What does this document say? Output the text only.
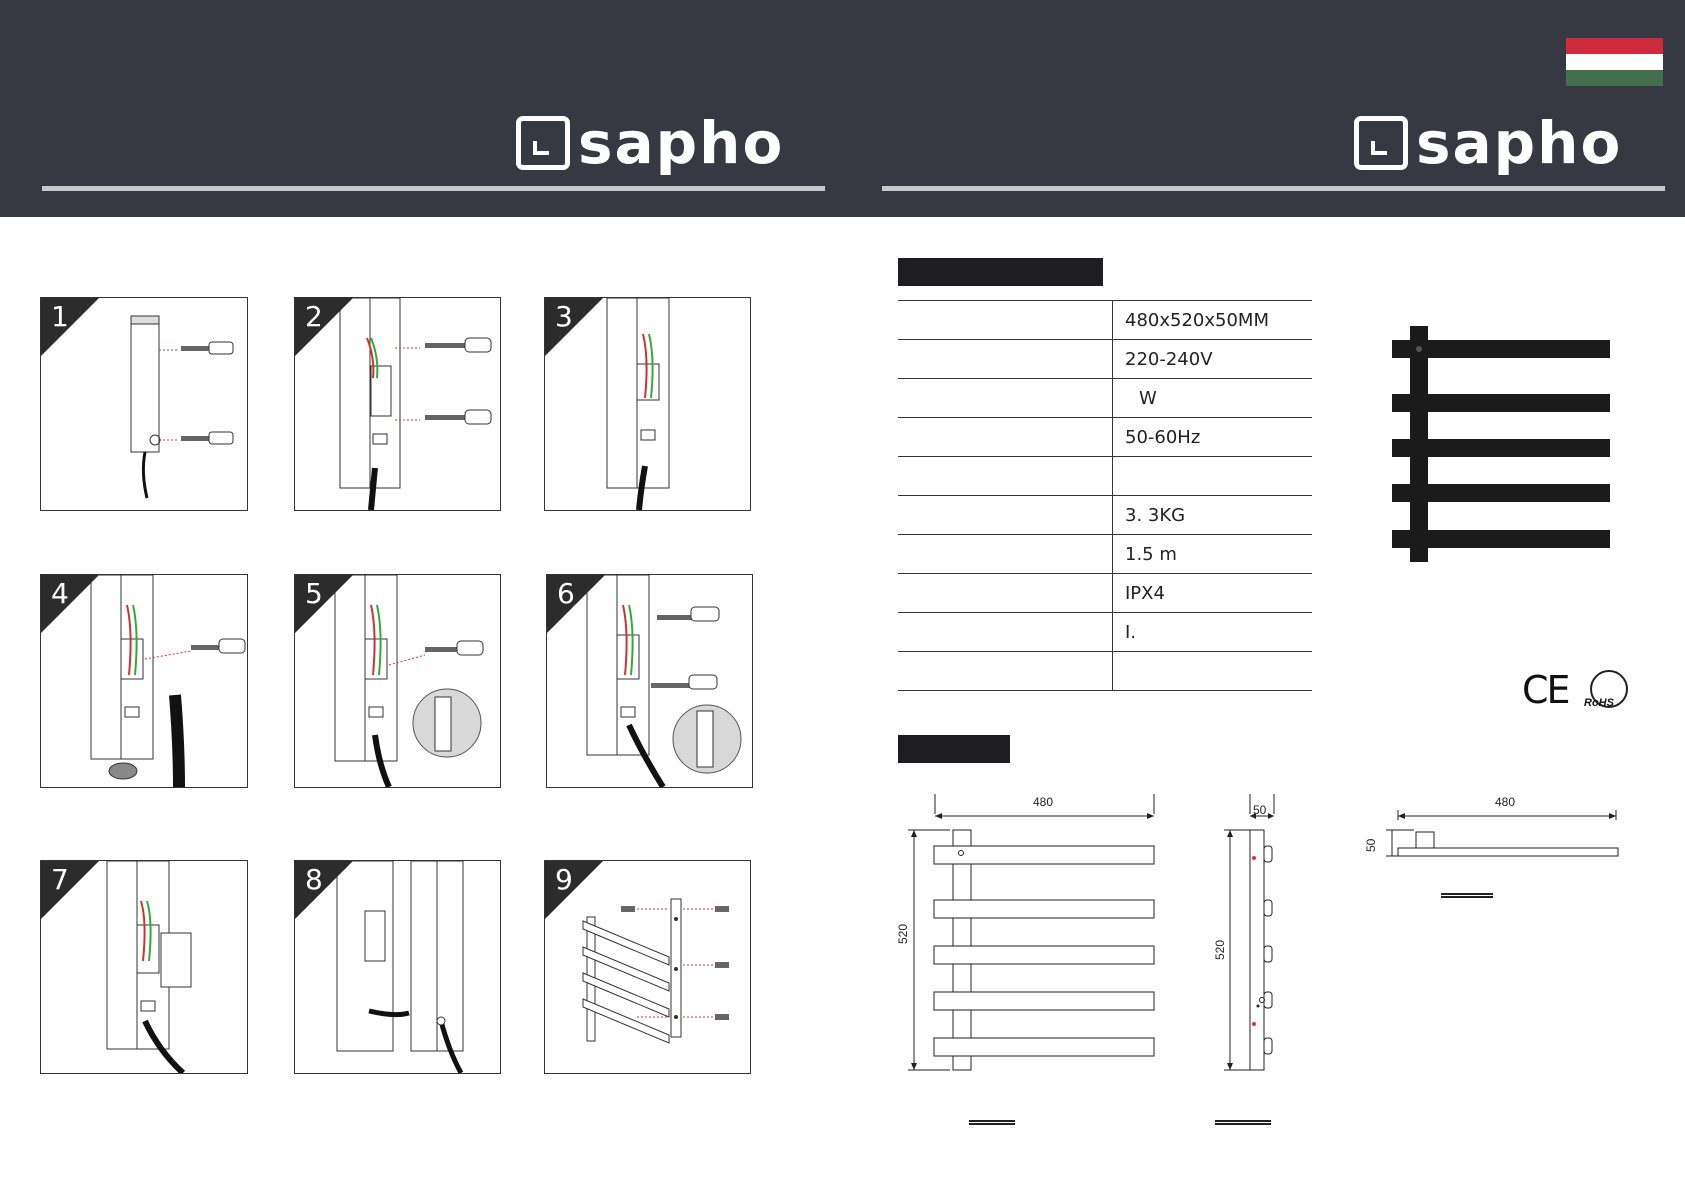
sapho	sapho
1	2	3
4	5	6
7	8	9
	480x520x50MM
	220-240V
	W
	50-60Hz

	3. 3KG
	1.5 m
	IPX4
	I.

CE RoHS
480
520
50
520
480
50
